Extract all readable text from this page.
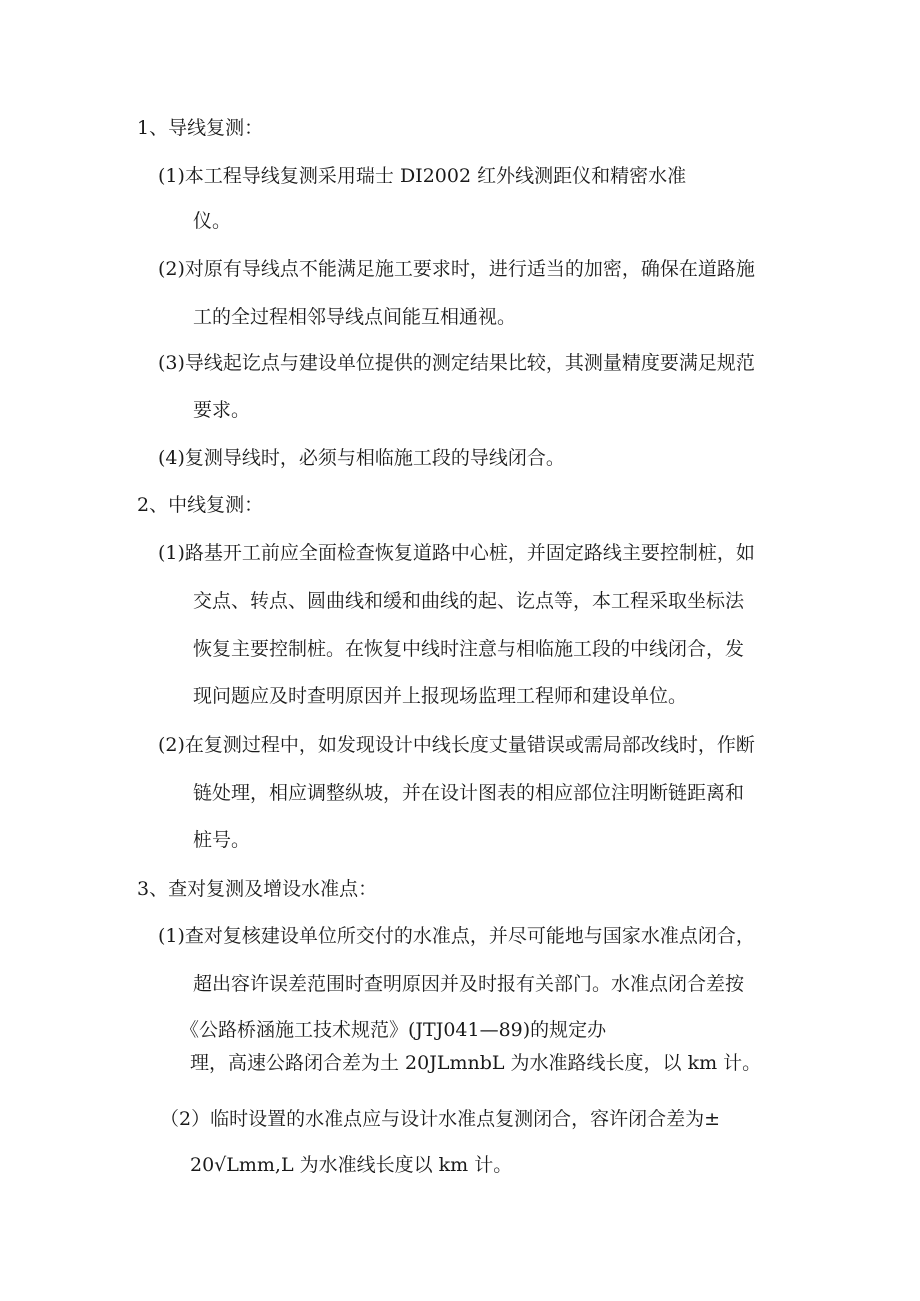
1、导线复测：
(1)本工程导线复测采用瑞士 DI2002 红外线测距仪和精密水准
仪。
(2)对原有导线点不能满足施工要求时，进行适当的加密，确保在道路施
工的全过程相邻导线点间能互相通视。
(3)导线起讫点与建设单位提供的测定结果比较，其测量精度要满足规范
要求。
(4)复测导线时，必须与相临施工段的导线闭合。
2、中线复测：
(1)路基开工前应全面检查恢复道路中心桩，并固定路线主要控制桩，如
交点、转点、圆曲线和缓和曲线的起、讫点等，本工程采取坐标法
恢复主要控制桩。在恢复中线时注意与相临施工段的中线闭合，发
现问题应及时查明原因并上报现场监理工程师和建设单位。
(2)在复测过程中，如发现设计中线长度丈量错误或需局部改线时，作断
链处理，相应调整纵坡，并在设计图表的相应部位注明断链距离和
桩号。
3、查对复测及增设水准点：
(1)查对复核建设单位所交付的水准点，并尽可能地与国家水准点闭合，
超出容许误差范围时查明原因并及时报有关部门。水准点闭合差按
《公路桥涵施工技术规范》(JTJ041—89)的规定办
理，高速公路闭合差为土 20JLmnbL 为水准路线长度，以 km 计。
（2）临时设置的水准点应与设计水准点复测闭合，容许闭合差为±
20√Lmm,L 为水准线长度以 km 计。
